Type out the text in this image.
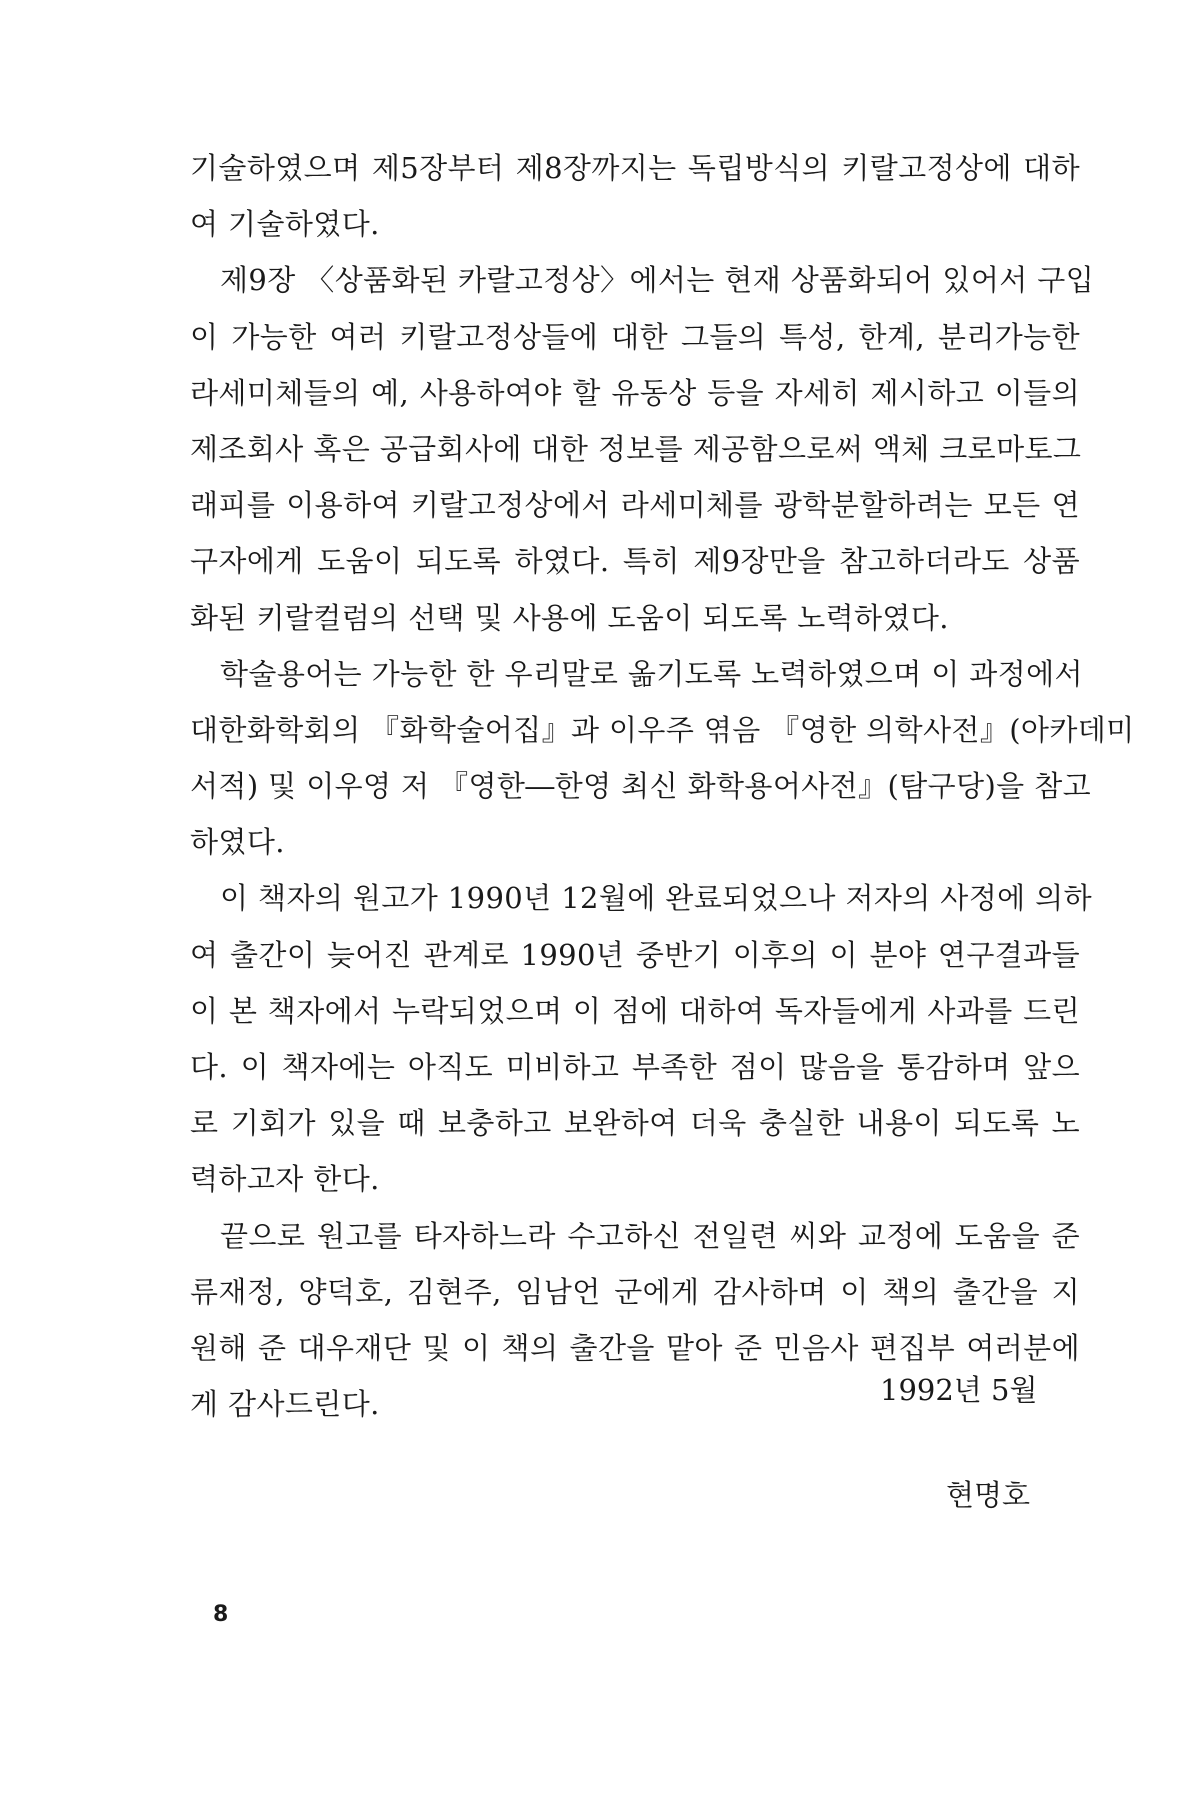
기술하였으며 제5장부터 제8장까지는 독립방식의 키랄고정상에 대하
여 기술하였다.
제9장 〈상품화된 카랄고정상〉에서는 현재 상품화되어 있어서 구입
이 가능한 여러 키랄고정상들에 대한 그들의 특성, 한계, 분리가능한
라세미체들의 예, 사용하여야 할 유동상 등을 자세히 제시하고 이들의
제조회사 혹은 공급회사에 대한 정보를 제공함으로써 액체 크로마토그
래피를 이용하여 키랄고정상에서 라세미체를 광학분할하려는 모든 연
구자에게 도움이 되도록 하였다. 특히 제9장만을 참고하더라도 상품
화된 키랄컬럼의 선택 및 사용에 도움이 되도록 노력하였다.
학술용어는 가능한 한 우리말로 옮기도록 노력하였으며 이 과정에서
대한화학회의 『화학술어집』과 이우주 엮음 『영한 의학사전』(아카데미
서적) 및 이우영 저 『영한―한영 최신 화학용어사전』(탐구당)을 참고
하였다.
이 책자의 원고가 1990년 12월에 완료되었으나 저자의 사정에 의하
여 출간이 늦어진 관계로 1990년 중반기 이후의 이 분야 연구결과들
이 본 책자에서 누락되었으며 이 점에 대하여 독자들에게 사과를 드린
다. 이 책자에는 아직도 미비하고 부족한 점이 많음을 통감하며 앞으
로 기회가 있을 때 보충하고 보완하여 더욱 충실한 내용이 되도록 노
력하고자 한다.
끝으로 원고를 타자하느라 수고하신 전일련 씨와 교정에 도움을 준
류재정, 양덕호, 김현주, 임남언 군에게 감사하며 이 책의 출간을 지
원해 준 대우재단 및 이 책의 출간을 맡아 준 민음사 편집부 여러분에
게 감사드린다.	1992년 5월
현명호
8
